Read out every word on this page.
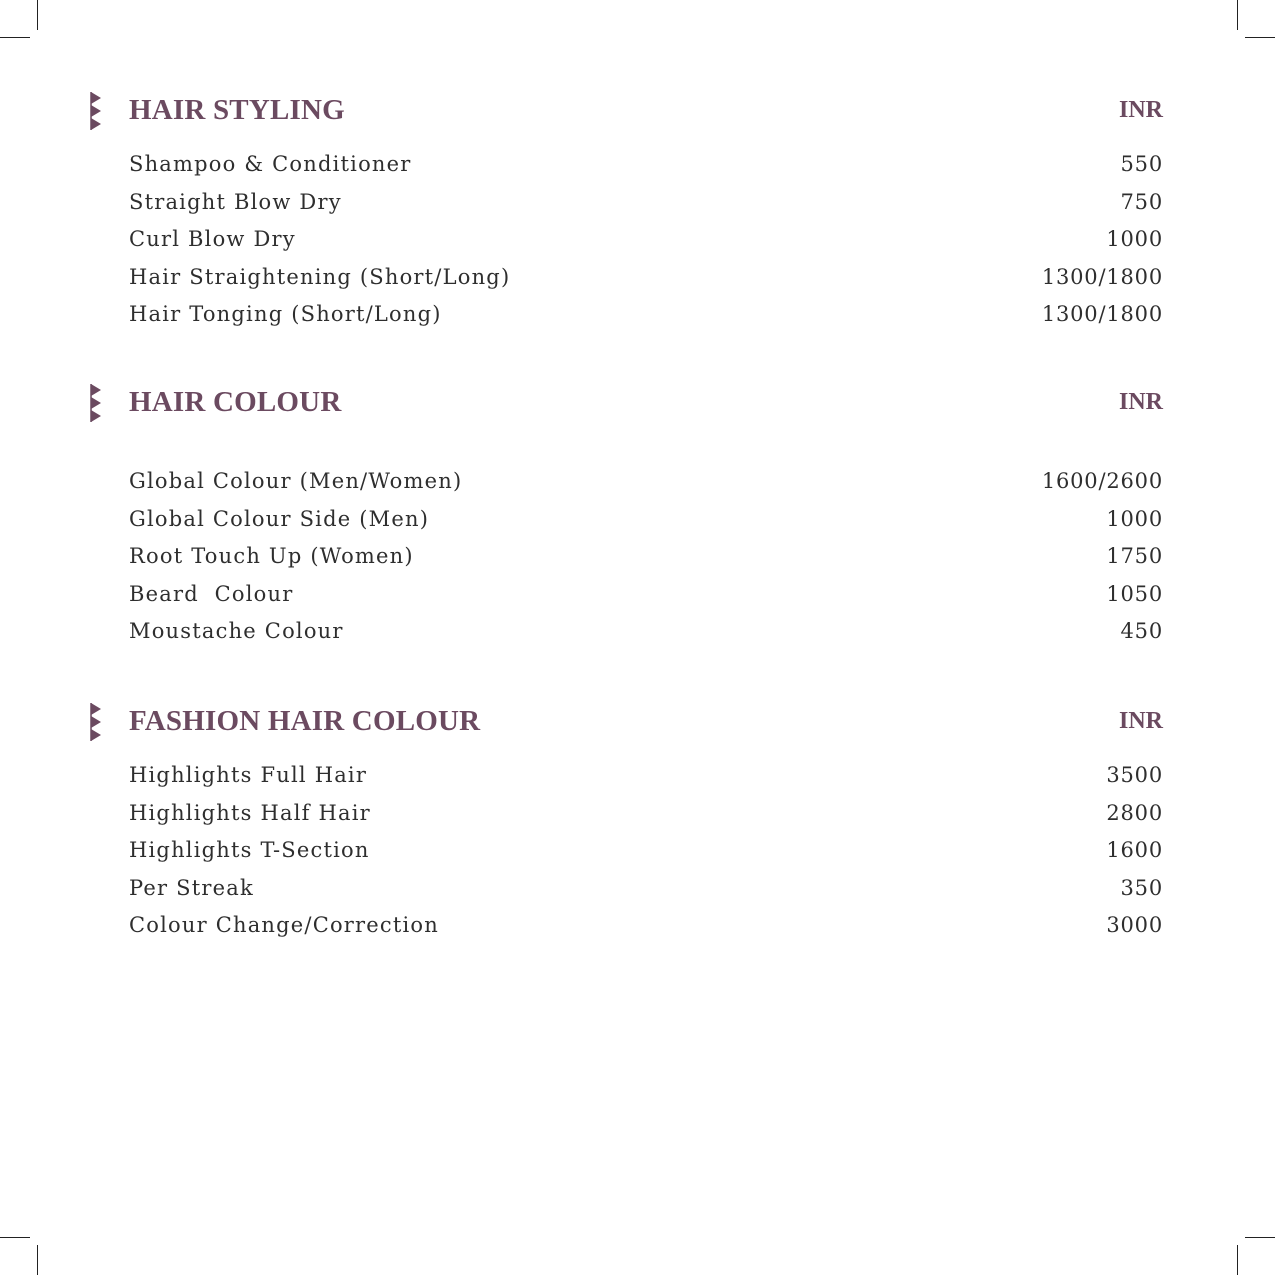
HAIR STYLING	INR
Shampoo & Conditioner	550
Straight Blow Dry	750
Curl Blow Dry	1000
Hair Straightening (Short/Long)	1300/1800
Hair Tonging (Short/Long)	1300/1800
HAIR COLOUR	INR
Global Colour (Men/Women)	1600/2600
Global Colour Side (Men)	1000
Root Touch Up (Women)	1750
Beard  Colour	1050
Moustache Colour	450
FASHION HAIR COLOUR	INR
Highlights Full Hair	3500
Highlights Half Hair	2800
Highlights T-Section	1600
Per Streak	350
Colour Change/Correction	3000
